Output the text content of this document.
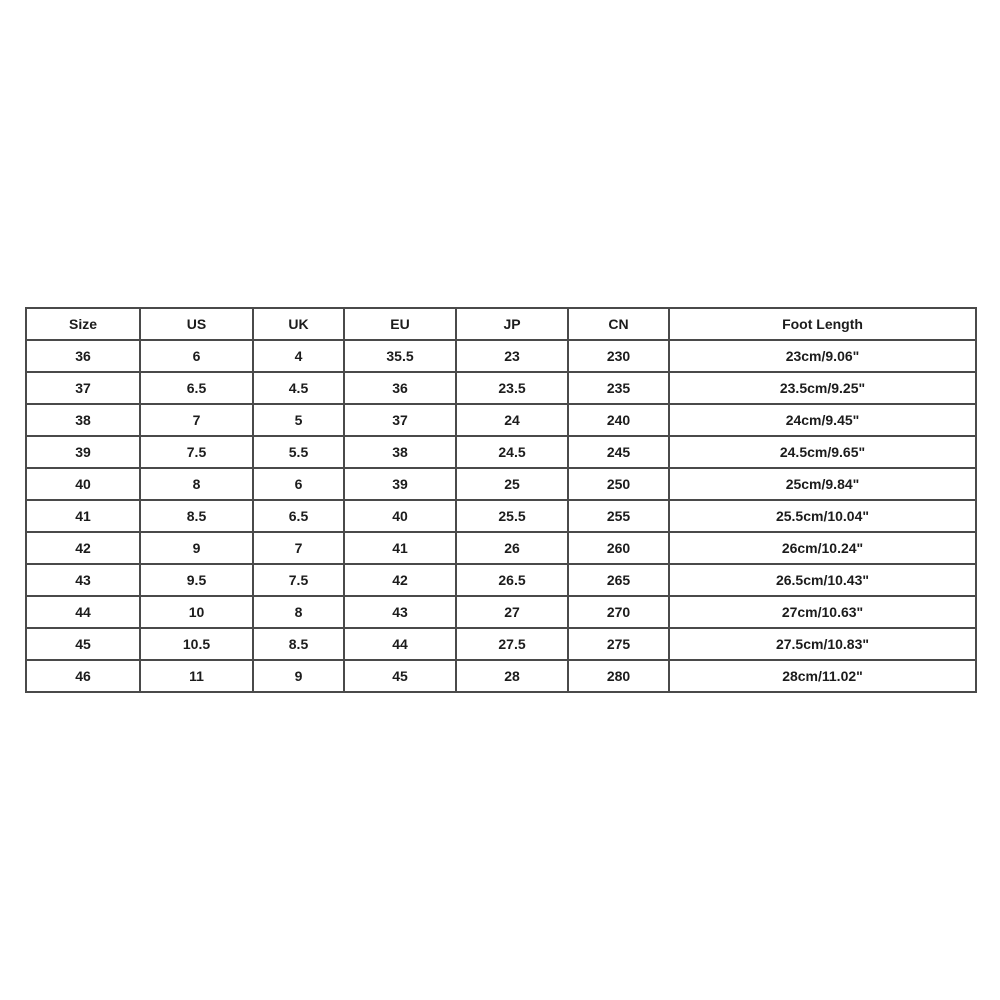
Size	US	UK	EU	JP	CN	Foot Length
36	6	4	35.5	23	230	23cm/9.06"
37	6.5	4.5	36	23.5	235	23.5cm/9.25"
38	7	5	37	24	240	24cm/9.45"
39	7.5	5.5	38	24.5	245	24.5cm/9.65"
40	8	6	39	25	250	25cm/9.84"
41	8.5	6.5	40	25.5	255	25.5cm/10.04"
42	9	7	41	26	260	26cm/10.24"
43	9.5	7.5	42	26.5	265	26.5cm/10.43"
44	10	8	43	27	270	27cm/10.63"
45	10.5	8.5	44	27.5	275	27.5cm/10.83"
46	11	9	45	28	280	28cm/11.02"
